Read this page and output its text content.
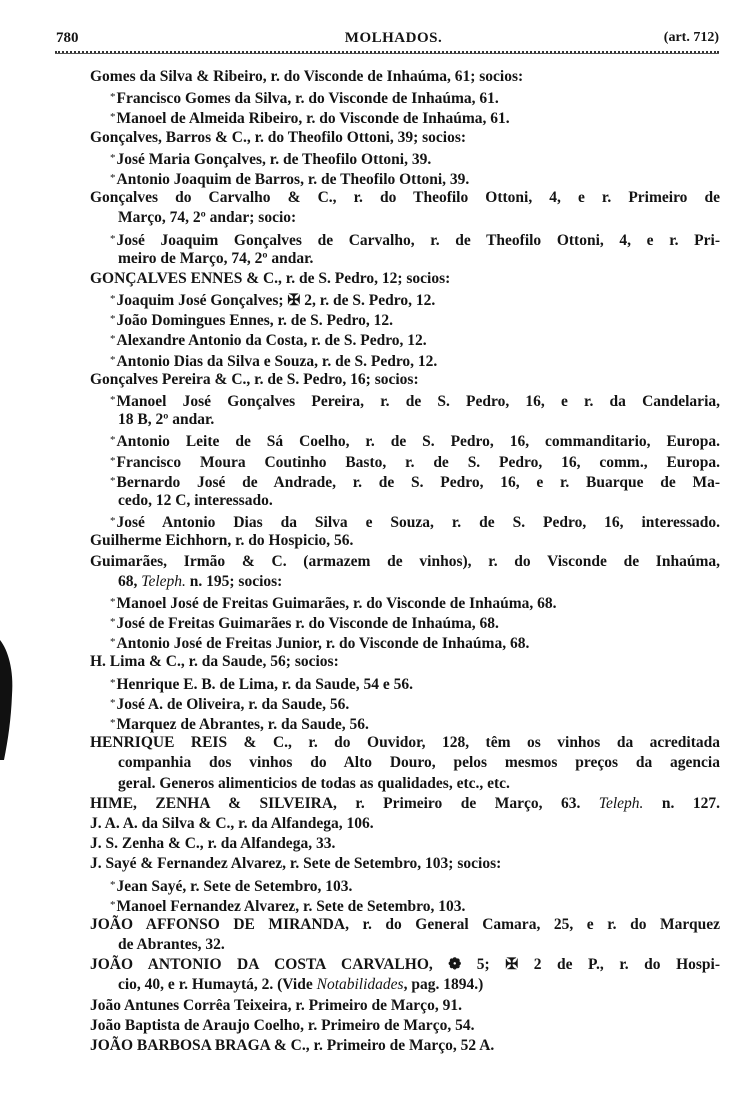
780	MOLHADOS.	(art. 712)
Gomes da Silva & Ribeiro, r. do Visconde de Inhaúma, 61; socios:
*Francisco Gomes da Silva, r. do Visconde de Inhaúma, 61.
*Manoel de Almeida Ribeiro, r. do Visconde de Inhaúma, 61.
Gonçalves, Barros & C., r. do Theofilo Ottoni, 39; socios:
*José Maria Gonçalves, r. de Theofilo Ottoni, 39.
*Antonio Joaquim de Barros, r. de Theofilo Ottoni, 39.
Gonçalves do Carvalho & C., r. do Theofilo Ottoni, 4, e r. Primeiro de
Março, 74, 2º andar; socio:
*José Joaquim Gonçalves de Carvalho, r. de Theofilo Ottoni, 4, e r. Pri-
meiro de Março, 74, 2º andar.
GONÇALVES ENNES & C., r. de S. Pedro, 12; socios:
*Joaquim José Gonçalves; ✠ 2, r. de S. Pedro, 12.
*João Domingues Ennes, r. de S. Pedro, 12.
*Alexandre Antonio da Costa, r. de S. Pedro, 12.
*Antonio Dias da Silva e Souza, r. de S. Pedro, 12.
Gonçalves Pereira & C., r. de S. Pedro, 16; socios:
*Manoel José Gonçalves Pereira, r. de S. Pedro, 16, e r. da Candelaria,
18 B, 2º andar.
*Antonio Leite de Sá Coelho, r. de S. Pedro, 16, commanditario, Europa.
*Francisco Moura Coutinho Basto, r. de S. Pedro, 16, comm., Europa.
*Bernardo José de Andrade, r. de S. Pedro, 16, e r. Buarque de Ma-
cedo, 12 C, interessado.
*José Antonio Dias da Silva e Souza, r. de S. Pedro, 16, interessado.
Guilherme Eichhorn, r. do Hospicio, 56.
Guimarães, Irmão & C. (armazem de vinhos), r. do Visconde de Inhaúma,
68, Teleph. n. 195; socios:
*Manoel José de Freitas Guimarães, r. do Visconde de Inhaúma, 68.
*José de Freitas Guimarães r. do Visconde de Inhaúma, 68.
*Antonio José de Freitas Junior, r. do Visconde de Inhaúma, 68.
H. Lima & C., r. da Saude, 56; socios:
*Henrique E. B. de Lima, r. da Saude, 54 e 56.
*José A. de Oliveira, r. da Saude, 56.
*Marquez de Abrantes, r. da Saude, 56.
HENRIQUE REIS & C., r. do Ouvidor, 128, têm os vinhos da acreditada
companhia dos vinhos do Alto Douro, pelos mesmos preços da agencia
geral. Generos alimenticios de todas as qualidades, etc., etc.
HIME, ZENHA & SILVEIRA, r. Primeiro de Março, 63. Teleph. n. 127.
J. A. A. da Silva & C., r. da Alfandega, 106.
J. S. Zenha & C., r. da Alfandega, 33.
J. Sayé & Fernandez Alvarez, r. Sete de Setembro, 103; socios:
*Jean Sayé, r. Sete de Setembro, 103.
*Manoel Fernandez Alvarez, r. Sete de Setembro, 103.
JOÃO AFFONSO DE MIRANDA, r. do General Camara, 25, e r. do Marquez
de Abrantes, 32.
JOÃO ANTONIO DA COSTA CARVALHO, ❁ 5; ✠ 2 de P., r. do Hospi-
cio, 40, e r. Humaytá, 2. (Vide Notabilidades, pag. 1894.)
João Antunes Corrêa Teixeira, r. Primeiro de Março, 91.
João Baptista de Araujo Coelho, r. Primeiro de Março, 54.
JOÃO BARBOSA BRAGA & C., r. Primeiro de Março, 52 A.
